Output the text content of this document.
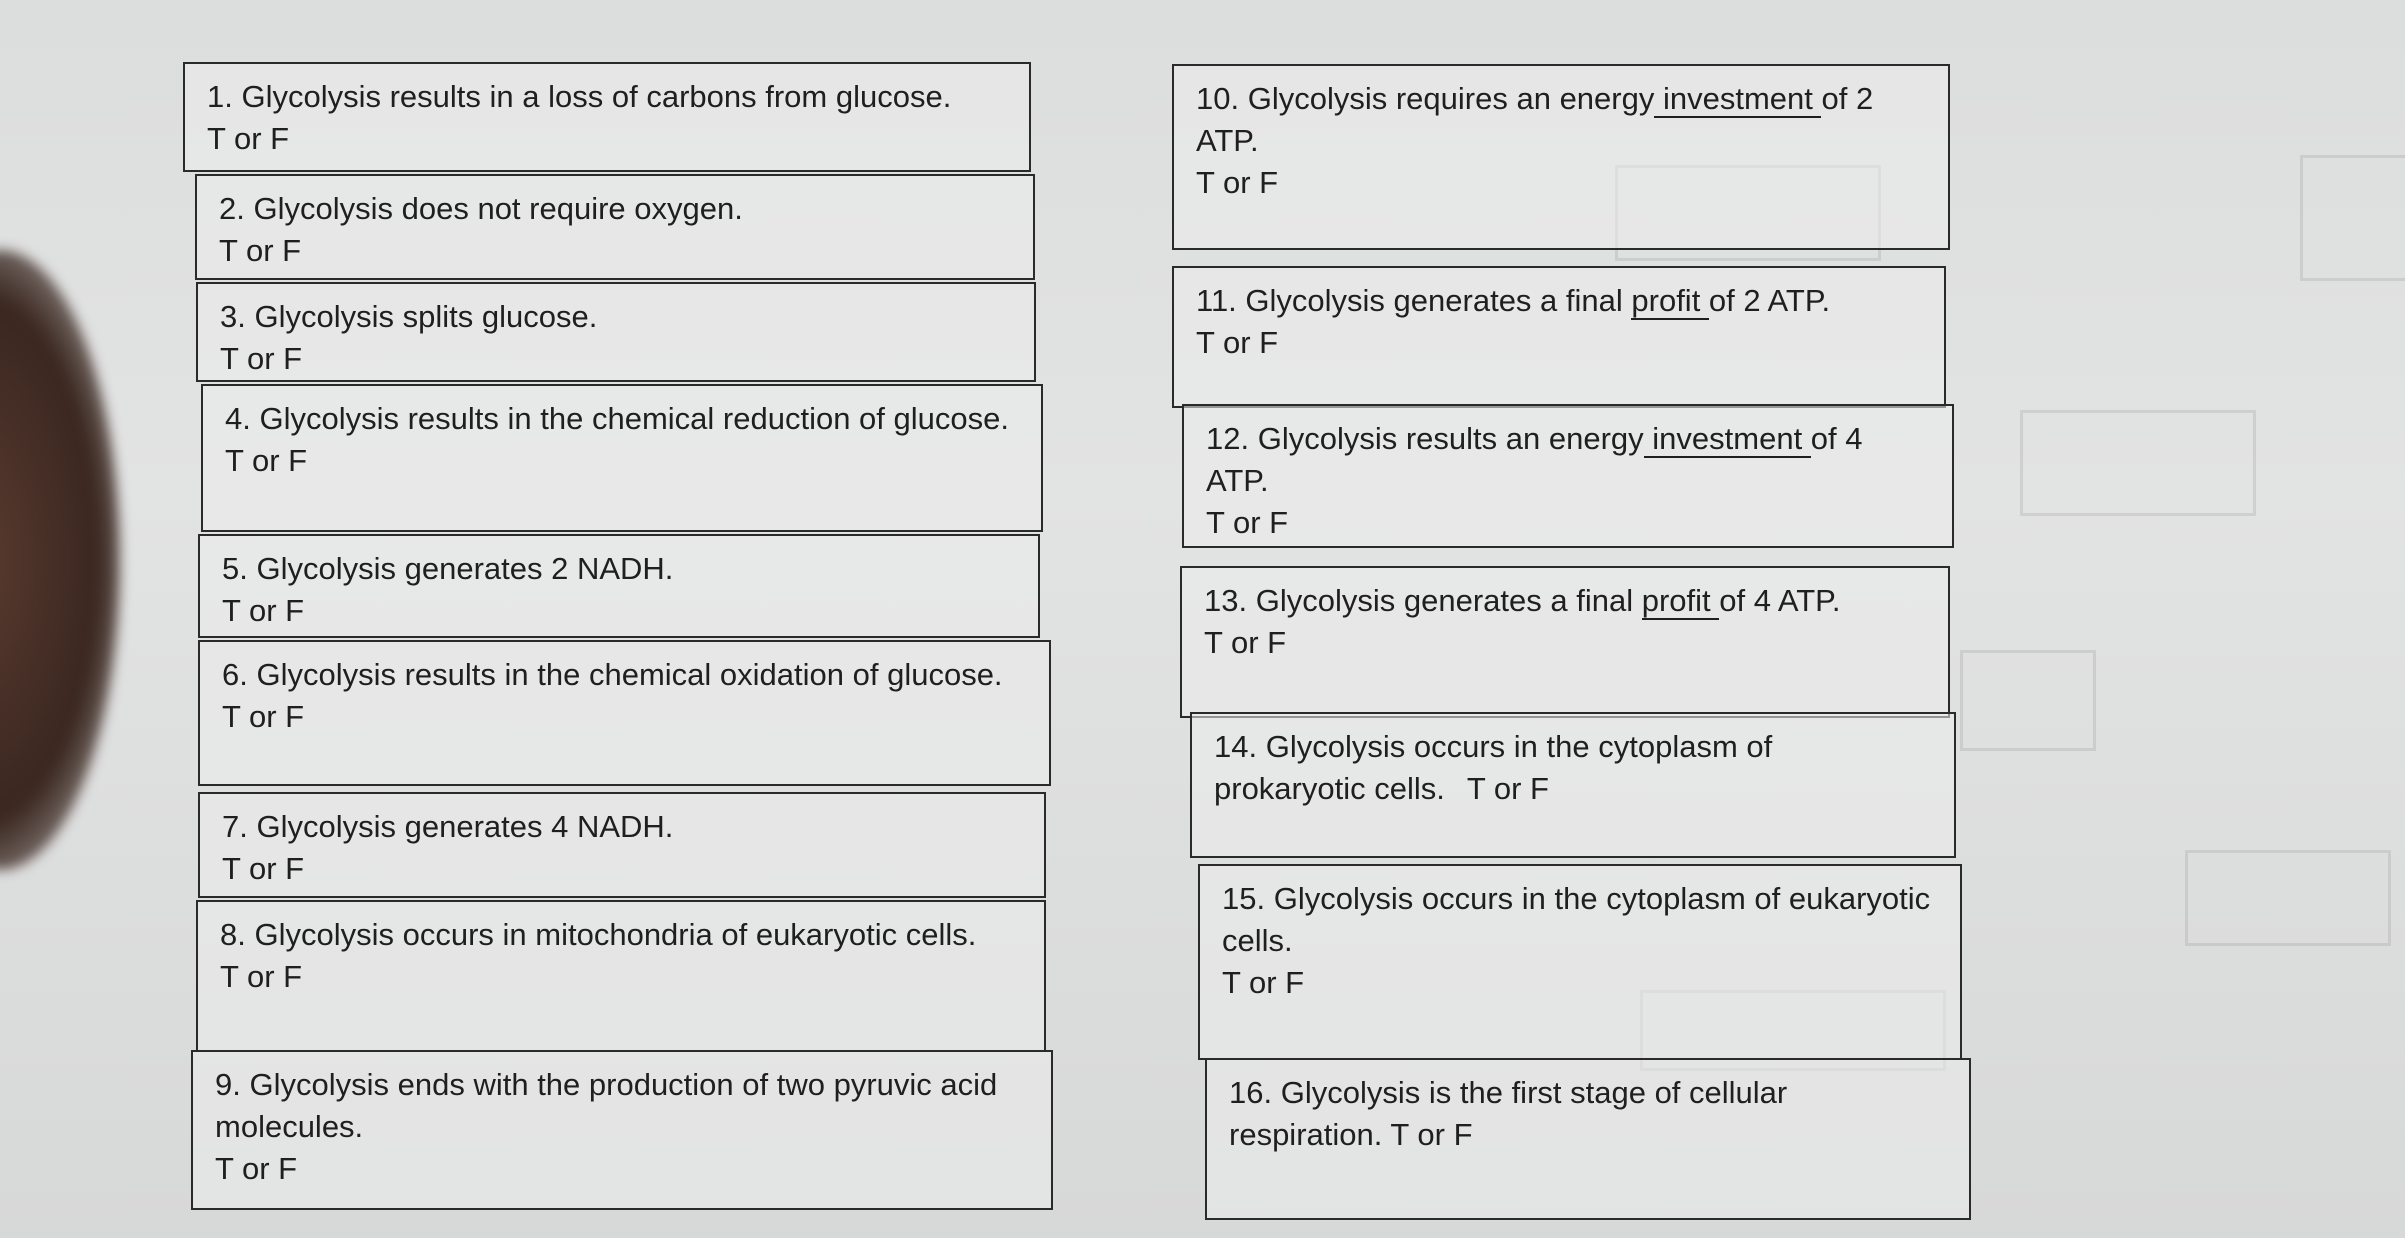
1. Glycolysis results in a loss of carbons from glucose.
T or F
2. Glycolysis does not require oxygen.
T or F
3. Glycolysis splits glucose.
T or F
4. Glycolysis results in the chemical reduction of glucose.
T or F
5. Glycolysis generates 2 NADH.
T or F
6. Glycolysis results in the chemical oxidation of glucose.
T or F
7. Glycolysis generates 4 NADH.
T or F
8. Glycolysis occurs in mitochondria of eukaryotic cells.
T or F
9. Glycolysis ends with the production of two pyruvic acid molecules.
T or F
10. Glycolysis requires an energy investment of 2 ATP.
T or F
11. Glycolysis generates a final profit of 2 ATP.
T or F
12. Glycolysis results an energy investment of 4 ATP.
T or F
13. Glycolysis generates a final profit of 4 ATP.
T or F
14. Glycolysis occurs in the cytoplasm of prokaryotic cells. T or F
15. Glycolysis occurs in the cytoplasm of eukaryotic cells.
T or F
16. Glycolysis is the first stage of cellular respiration. T or F
